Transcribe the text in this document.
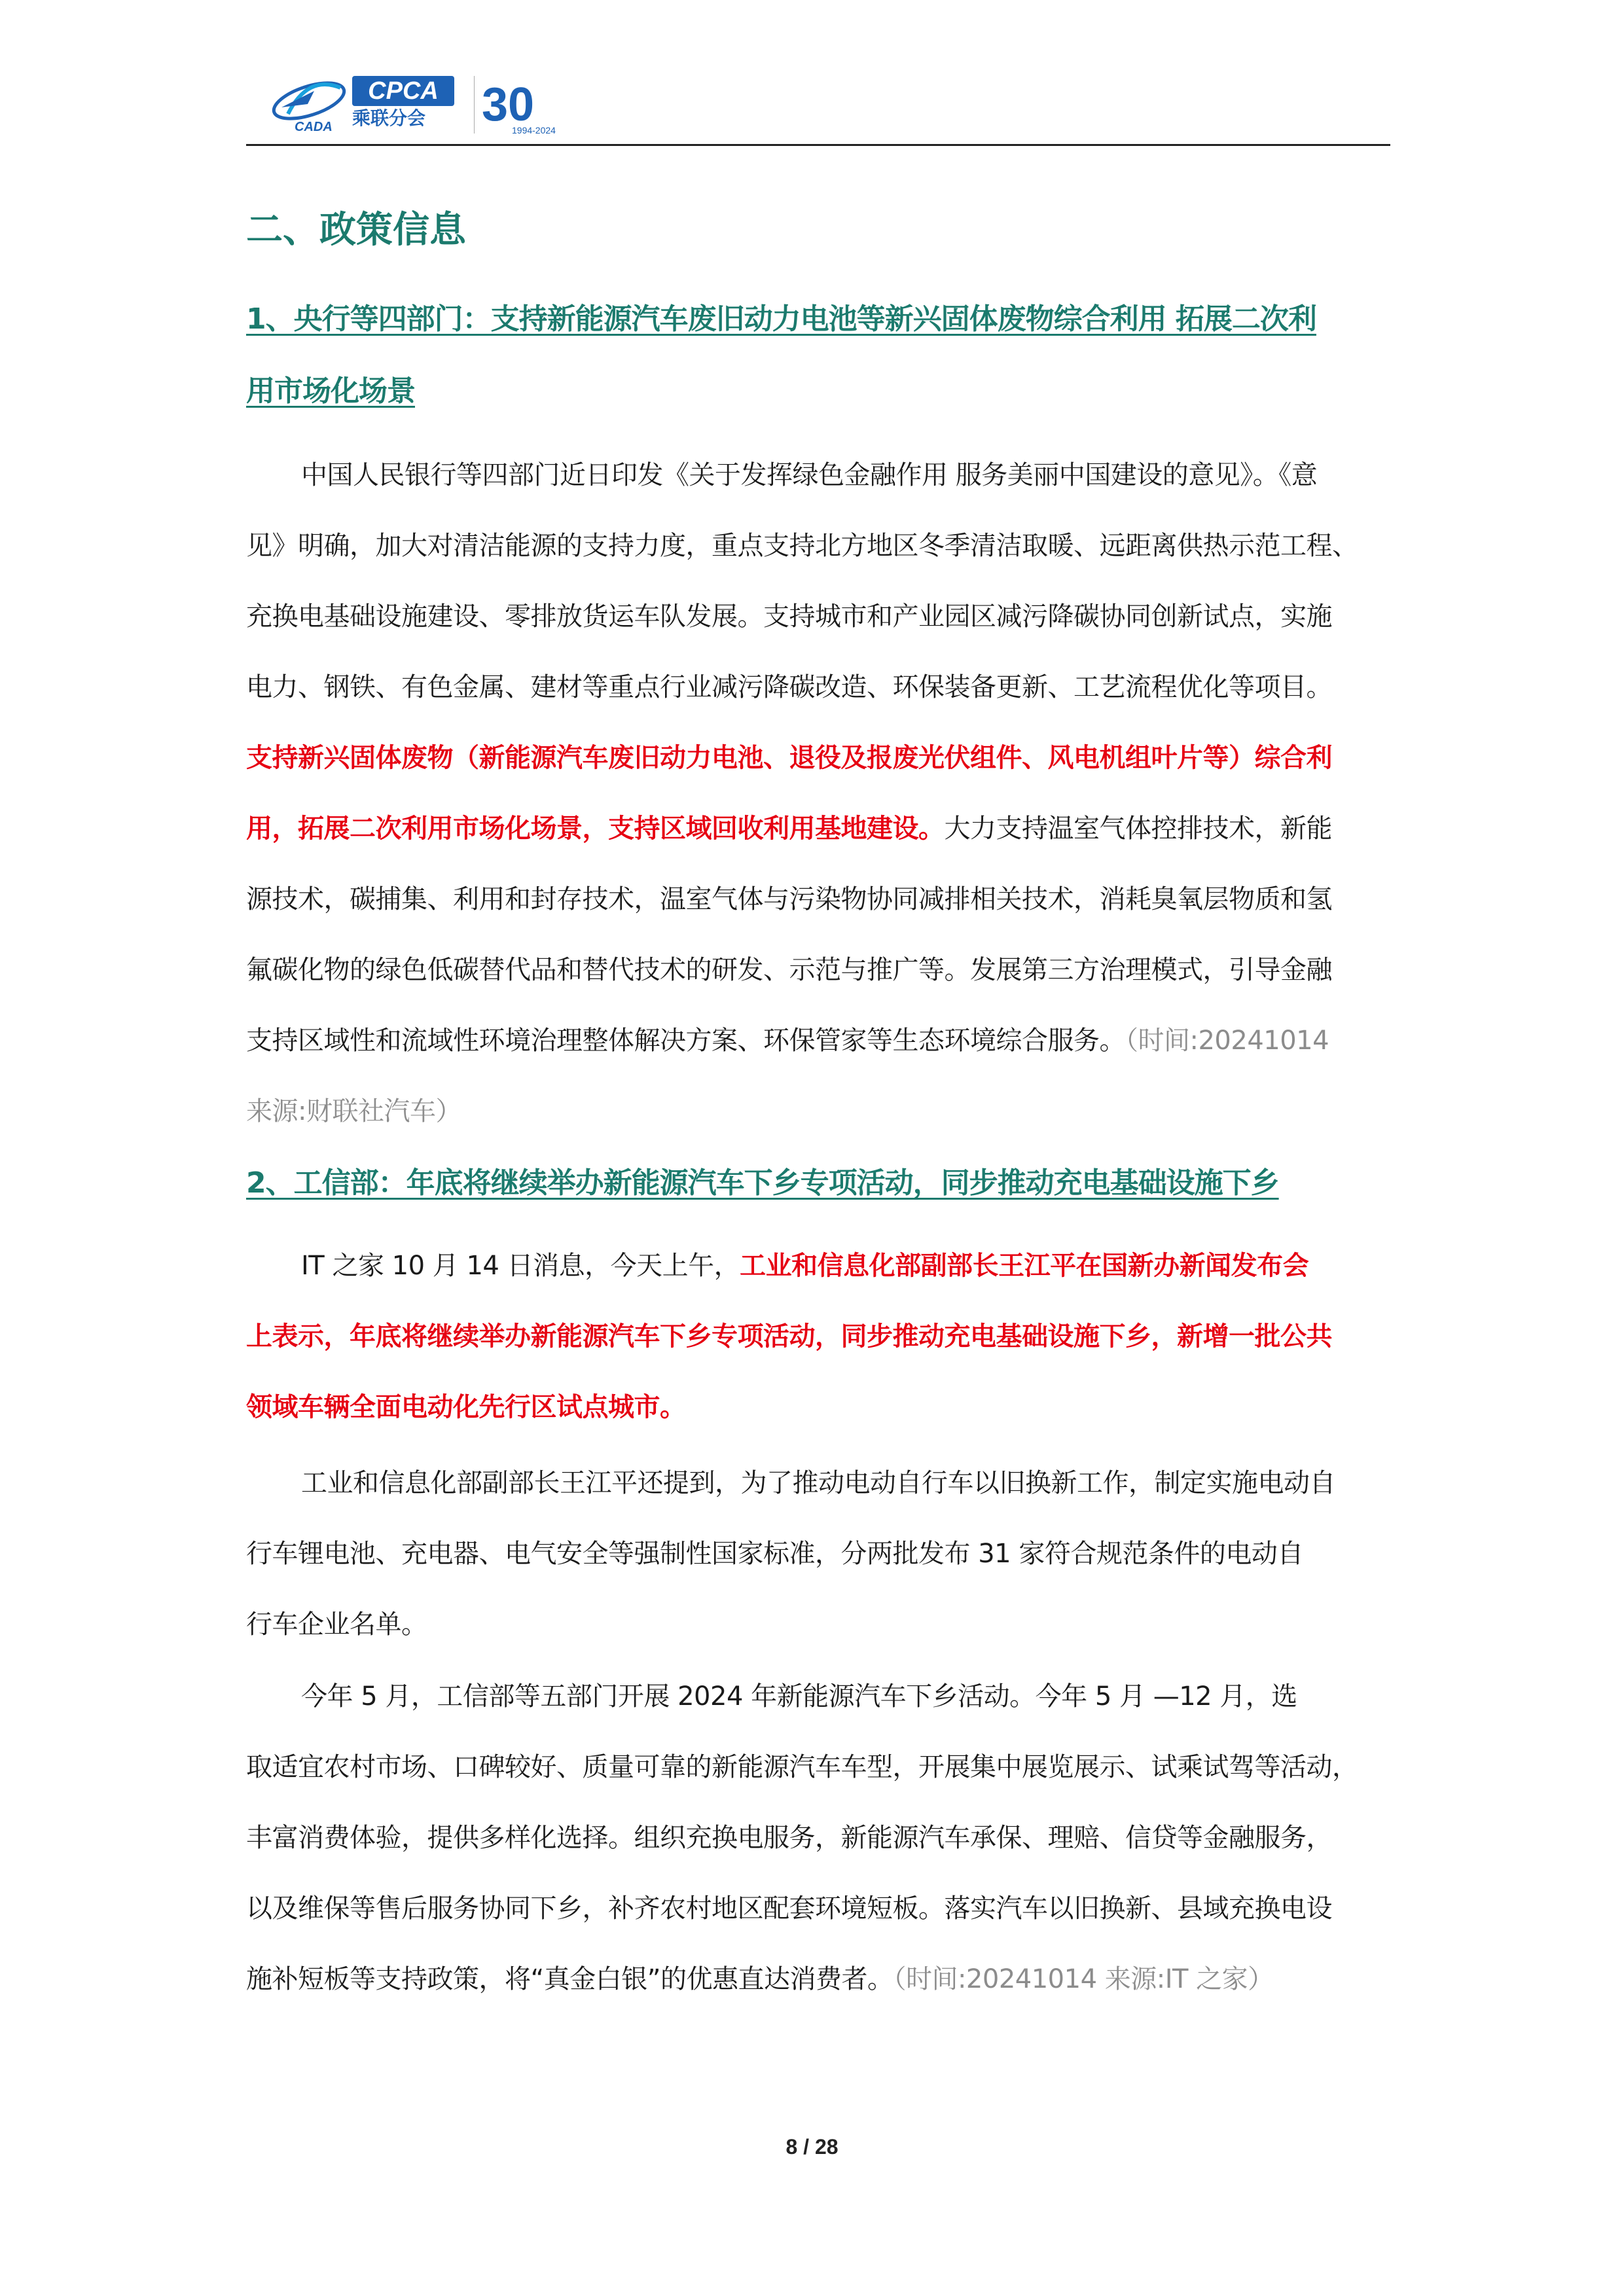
CADA
CPCA
乘联分会	30
1994-2024
二、政策信息
1、央行等四部门：支持新能源汽车废旧动力电池等新兴固体废物综合利用 拓展二次利
用市场化场景
中国人民银行等四部门近日印发《关于发挥绿色金融作用 服务美丽中国建设的意见》。《意
见》明确，加大对清洁能源的支持力度，重点支持北方地区冬季清洁取暖、远距离供热示范工程、
充换电基础设施建设、零排放货运车队发展。支持城市和产业园区减污降碳协同创新试点，实施
电力、钢铁、有色金属、建材等重点行业减污降碳改造、环保装备更新、工艺流程优化等项目。
支持新兴固体废物（新能源汽车废旧动力电池、退役及报废光伏组件、风电机组叶片等）综合利
用，拓展二次利用市场化场景，支持区域回收利用基地建设。大力支持温室气体控排技术，新能
源技术，碳捕集、利用和封存技术，温室气体与污染物协同减排相关技术，消耗臭氧层物质和氢
氟碳化物的绿色低碳替代品和替代技术的研发、示范与推广等。发展第三方治理模式，引导金融
支持区域性和流域性环境治理整体解决方案、环保管家等生态环境综合服务。（时间:20241014
来源:财联社汽车）
2、工信部：年底将继续举办新能源汽车下乡专项活动，同步推动充电基础设施下乡
IT 之家 10 月 14 日消息，今天上午，工业和信息化部副部长王江平在国新办新闻发布会
上表示，年底将继续举办新能源汽车下乡专项活动，同步推动充电基础设施下乡，新增一批公共
领域车辆全面电动化先行区试点城市。
工业和信息化部副部长王江平还提到，为了推动电动自行车以旧换新工作，制定实施电动自
行车锂电池、充电器、电气安全等强制性国家标准，分两批发布 31 家符合规范条件的电动自
行车企业名单。
今年 5 月，工信部等五部门开展 2024 年新能源汽车下乡活动。今年 5 月 —12 月，选
取适宜农村市场、口碑较好、质量可靠的新能源汽车车型，开展集中展览展示、试乘试驾等活动，
丰富消费体验，提供多样化选择。组织充换电服务，新能源汽车承保、理赔、信贷等金融服务，
以及维保等售后服务协同下乡，补齐农村地区配套环境短板。落实汽车以旧换新、县域充换电设
施补短板等支持政策，将“真金白银”的优惠直达消费者。（时间:20241014 来源:IT 之家）
8 / 28
